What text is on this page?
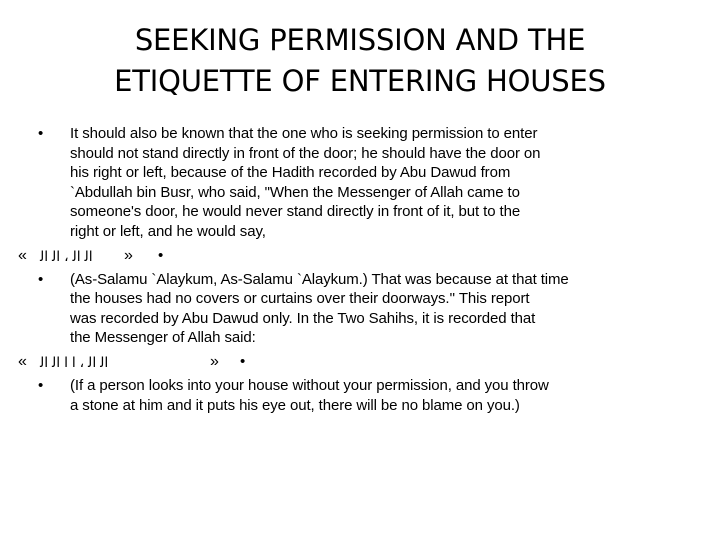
SEEKING PERMISSION AND THE
ETIQUETTE OF ENTERING HOUSES
• It should also be known that the one who is seeking permission to enter
should not stand directly in front of the door; he should have the door on
his right or left, because of the Hadith recorded by Abu Dawud from
`Abdullah bin Busr, who said, "When the Messenger of Allah came to
someone's door, he would never stand directly in front of it, but to the
right or left, and he would say,
« ﺍﻟ ﺍﻟ ، ﺍﻟ ﺍﻟ » •
• (As-Salamu `Alaykum, As-Salamu `Alaykum.) That was because at that time
the houses had no covers or curtains over their doorways.'' This report
was recorded by Abu Dawud only. In the Two Sahihs, it is recorded that
the Messenger of Allah said:
« ﺍﻟ ﺍﻟ ، ﺍ ﺍ ﺍﻟ ﺍﻟ	» •
• (If a person looks into your house without your permission, and you throw
a stone at him and it puts his eye out, there will be no blame on you.)
